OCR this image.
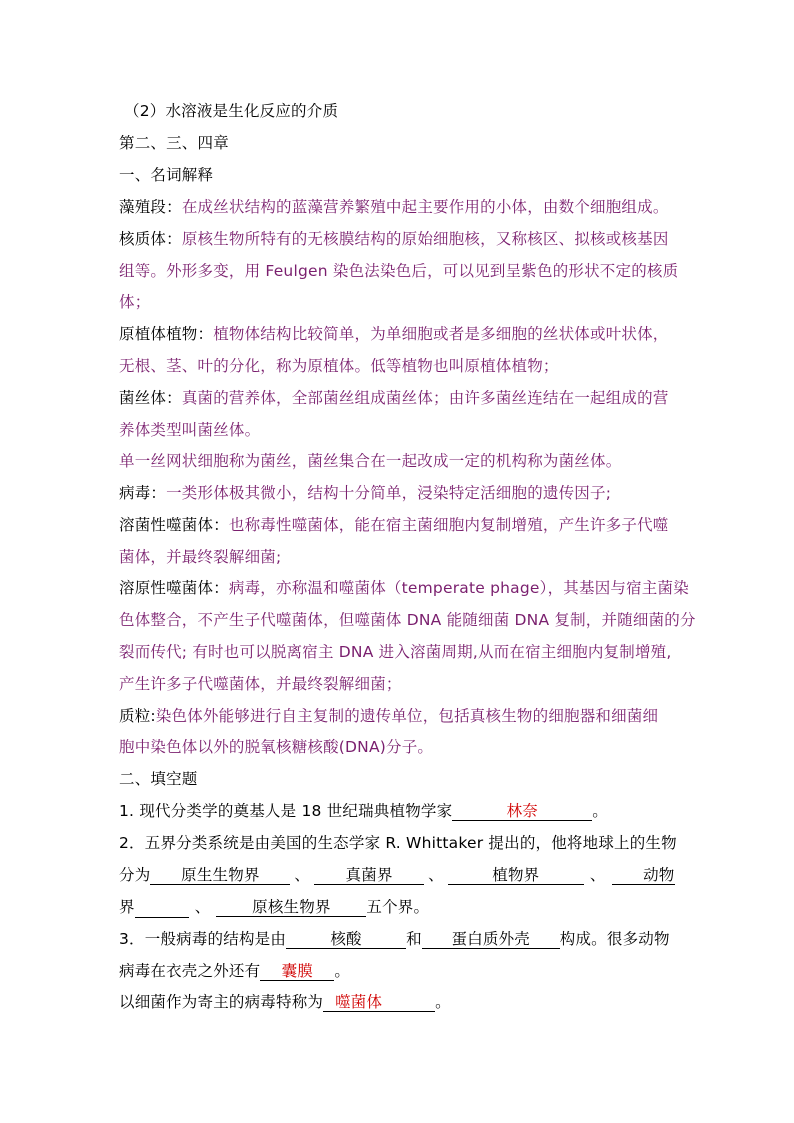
（2）水溶液是生化反应的介质
第二、三、四章
一、名词解释
藻殖段：在成丝状结构的蓝藻营养繁殖中起主要作用的小体，由数个细胞组成。
核质体：原核生物所特有的无核膜结构的原始细胞核，又称核区、拟核或核基因
组等。外形多变，用 Feulgen 染色法染色后，可以见到呈紫色的形状不定的核质
体；
原植体植物：植物体结构比较简单，为单细胞或者是多细胞的丝状体或叶状体，
无根、茎、叶的分化，称为原植体。低等植物也叫原植体植物；
菌丝体：真菌的营养体，全部菌丝组成菌丝体；由许多菌丝连结在一起组成的营
养体类型叫菌丝体。
单一丝网状细胞称为菌丝，菌丝集合在一起改成一定的机构称为菌丝体。
病毒：一类形体极其微小，结构十分简单，浸染特定活细胞的遗传因子;
溶菌性噬菌体：也称毒性噬菌体，能在宿主菌细胞内复制增殖，产生许多子代噬
菌体，并最终裂解细菌;
溶原性噬菌体：病毒，亦称温和噬菌体（temperate phage），其基因与宿主菌染
色体整合，不产生子代噬菌体，但噬菌体 DNA 能随细菌 DNA 复制，并随细菌的分
裂而传代; 有时也可以脱离宿主 DNA 进入溶菌周期,从而在宿主细胞内复制增殖,
产生许多子代噬菌体，并最终裂解细菌；
质粒:染色体外能够进行自主复制的遗传单位，包括真核生物的细胞器和细菌细
胞中染色体以外的脱氧核糖核酸(DNA)分子。
二、填空题
1. 现代分类学的奠基人是 18 世纪瑞典植物学家	林奈	。
2．五界分类系统是由美国的生态学家 R. Whittaker 提出的，他将地球上的生物
分为 原生生物界 、 真菌界 、	植物界	、 动物
界	、	原核生物界 五个界。
3．一般病毒的结构是由	核酸	和 蛋白质外壳 构成。很多动物
病毒在衣壳之外还有 囊膜 。
以细菌作为寄主的病毒特称为 噬菌体	。
